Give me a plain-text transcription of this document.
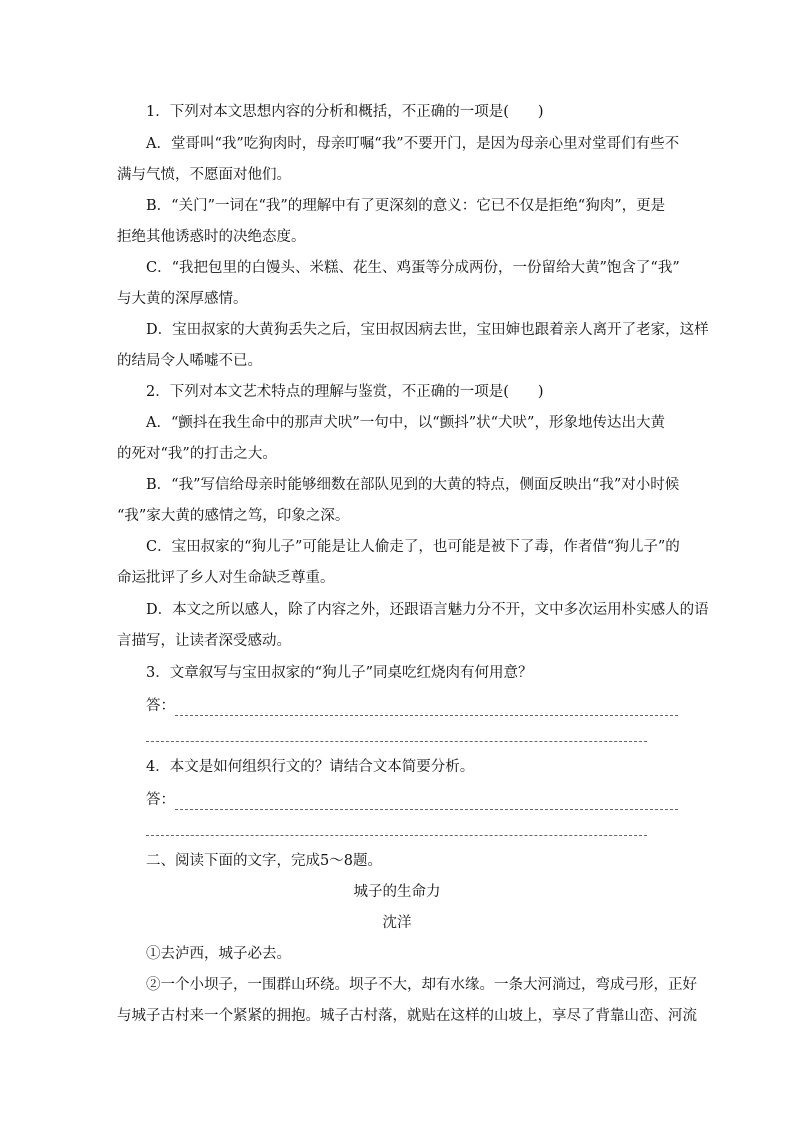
1．下列对本文思想内容的分析和概括，不正确的一项是(　　)
A．堂哥叫“我”吃狗肉时，母亲叮嘱“我”不要开门，是因为母亲心里对堂哥们有些不
满与气愤，不愿面对他们。
B．“关门”一词在“我”的理解中有了更深刻的意义：它已不仅是拒绝“狗肉”，更是
拒绝其他诱惑时的决绝态度。
C．“我把包里的白馒头、米糕、花生、鸡蛋等分成两份，一份留给大黄”饱含了“我”
与大黄的深厚感情。
D．宝田叔家的大黄狗丢失之后，宝田叔因病去世，宝田婶也跟着亲人离开了老家，这样
的结局令人唏嘘不已。
2．下列对本文艺术特点的理解与鉴赏，不正确的一项是(　　)
A．“颤抖在我生命中的那声犬吠”一句中，以“颤抖”状“犬吠”，形象地传达出大黄
的死对“我”的打击之大。
B．“我”写信给母亲时能够细数在部队见到的大黄的特点，侧面反映出“我”对小时候
“我”家大黄的感情之笃，印象之深。
C．宝田叔家的“狗儿子”可能是让人偷走了，也可能是被下了毒，作者借“狗儿子”的
命运批评了乡人对生命缺乏尊重。
D．本文之所以感人，除了内容之外，还跟语言魅力分不开，文中多次运用朴实感人的语
言描写，让读者深受感动。
3．文章叙写与宝田叔家的“狗儿子”同桌吃红烧肉有何用意？
答：
4．本文是如何组织行文的？请结合文本简要分析。
答：
二、阅读下面的文字，完成5～8题。
城子的生命力
沈洋
①去泸西，城子必去。
②一个小坝子，一围群山环绕。坝子不大，却有水缘。一条大河淌过，弯成弓形，正好
与城子古村来一个紧紧的拥抱。城子古村落，就贴在这样的山坡上，享尽了背靠山峦、河流
